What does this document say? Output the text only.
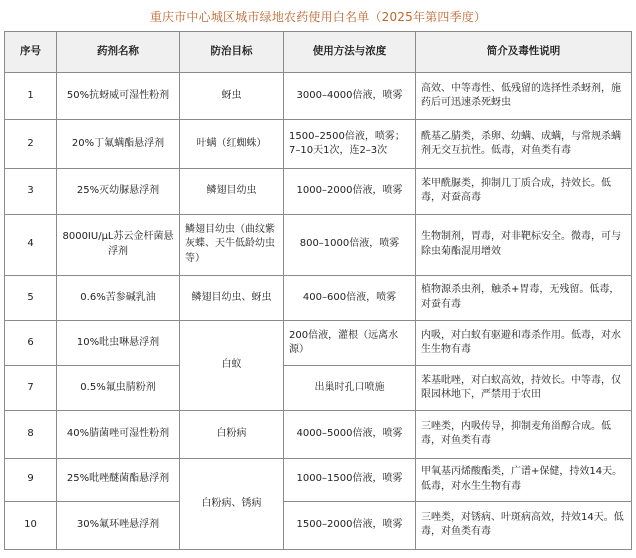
重庆市中心城区城市绿地农药使用白名单（2025年第四季度）
序号	药剂名称	防治目标	使用方法与浓度	简介及毒性说明
1	50%抗蚜威可湿性粉剂	蚜虫	3000–4000倍液，喷雾	高效、中等毒性、低残留的选择性杀蚜剂，施药后可迅速杀死蚜虫
2	20%丁氟螨酯悬浮剂	叶螨（红蜘蛛）	1500–2500倍液，喷雾；7–10天1次，连2–3次	酰基乙腈类，杀卵、幼螨、成螨，与常规杀螨剂无交互抗性。低毒，对鱼类有毒
3	25%灭幼脲悬浮剂	鳞翅目幼虫	1000–2000倍液，喷雾	苯甲酰脲类，抑制几丁质合成，持效长。低毒，对蚕高毒
4	8000IU/μL苏云金杆菌悬浮剂	鳞翅目幼虫（曲纹紫灰蝶、天牛低龄幼虫等）	800–1000倍液，喷雾	生物制剂，胃毒，对非靶标安全。微毒，可与除虫菊酯混用增效
5	0.6%苦参碱乳油	鳞翅目幼虫、蚜虫	400–600倍液，喷雾	植物源杀虫剂，触杀+胃毒，无残留。低毒，对蚕有毒
6	10%吡虫啉悬浮剂	白蚁	200倍液，灌根（远离水源）	内吸，对白蚁有驱避和毒杀作用。低毒，对水生生物有毒
7	0.5%氟虫腈粉剂		出巢时孔口喷施	苯基吡唑，对白蚁高效，持效长。中等毒，仅限园林地下，严禁用于农田
8	40%腈菌唑可湿性粉剂	白粉病	4000–5000倍液，喷雾	三唑类，内吸传导，抑制麦角甾醇合成。低毒，对鱼类有毒
9	25%吡唑醚菌酯悬浮剂	白粉病、锈病	1000–1500倍液，喷雾	甲氧基丙烯酸酯类，广谱+保健，持效14天。低毒，对水生生物有毒
10	30%氟环唑悬浮剂		1500–2000倍液，喷雾	三唑类，对锈病、叶斑病高效，持效14天。低毒，对鱼类有毒
